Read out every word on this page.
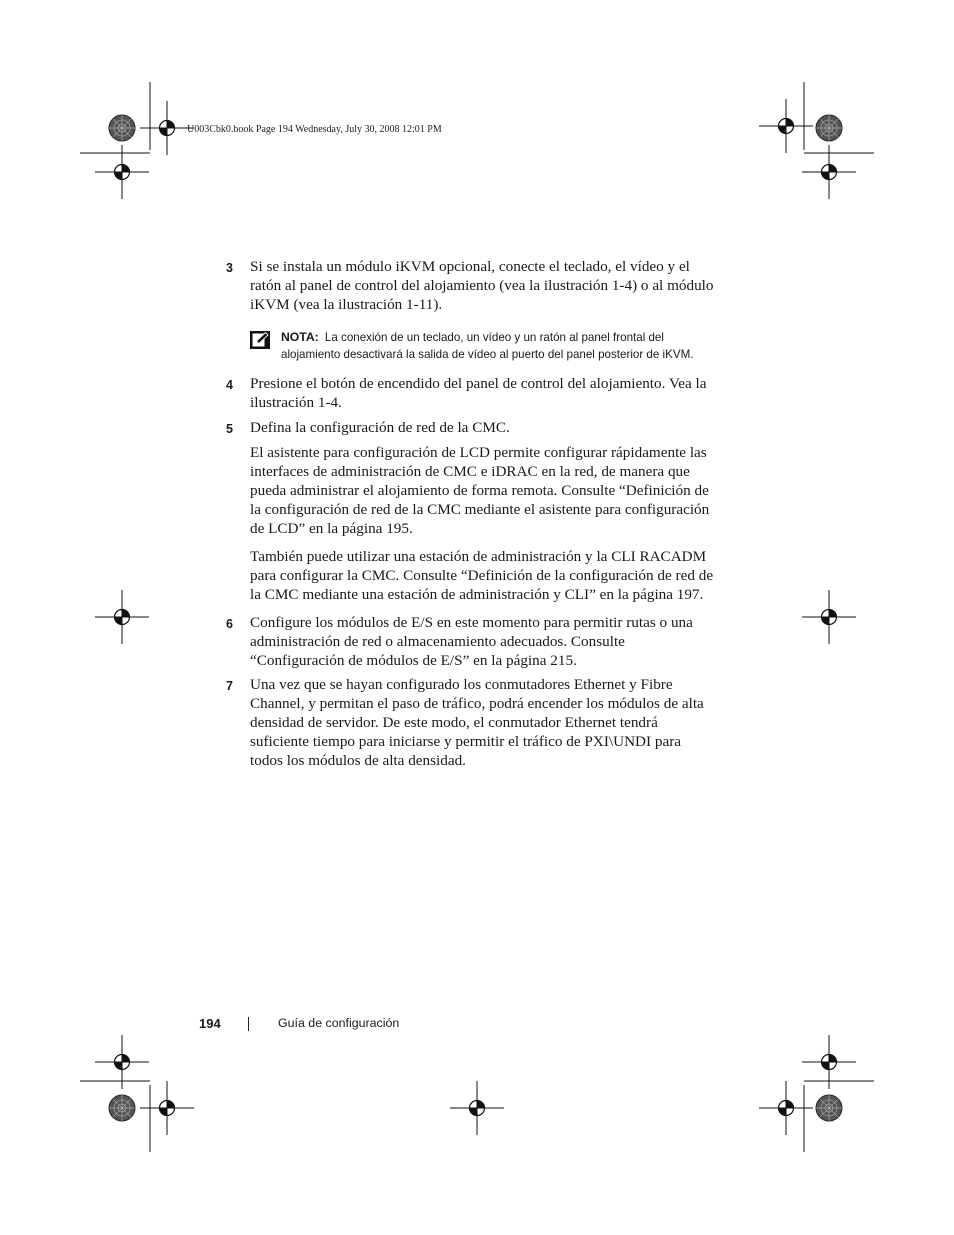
U003Cbk0.book Page 194 Wednesday, July 30, 2008 12:01 PM
3 Si se instala un módulo iKVM opcional, conecte el teclado, el vídeo y el ratón al panel de control del alojamiento (vea la ilustración 1-4) o al módulo iKVM (vea la ilustración 1-11).
NOTA: La conexión de un teclado, un vídeo y un ratón al panel frontal del alojamiento desactivará la salida de vídeo al puerto del panel posterior de iKVM.
4 Presione el botón de encendido del panel de control del alojamiento. Vea la ilustración 1-4.
5 Defina la configuración de red de la CMC.

El asistente para configuración de LCD permite configurar rápidamente las interfaces de administración de CMC e iDRAC en la red, de manera que pueda administrar el alojamiento de forma remota. Consulte “Definición de la configuración de red de la CMC mediante el asistente para configuración de LCD” en la página 195.

También puede utilizar una estación de administración y la CLI RACADM para configurar la CMC. Consulte “Definición de la configuración de red de la CMC mediante una estación de administración y CLI” en la página 197.

6 Configure los módulos de E/S en este momento para permitir rutas o una administración de red o almacenamiento adecuados. Consulte “Configuración de módulos de E/S” en la página 215.
7 Una vez que se hayan configurado los conmutadores Ethernet y Fibre Channel, y permitan el paso de tráfico, podrá encender los módulos de alta densidad de servidor. De este modo, el conmutador Ethernet tendrá suficiente tiempo para iniciarse y permitir el tráfico de PXI\UNDI para todos los módulos de alta densidad.
194	Guía de configuración
